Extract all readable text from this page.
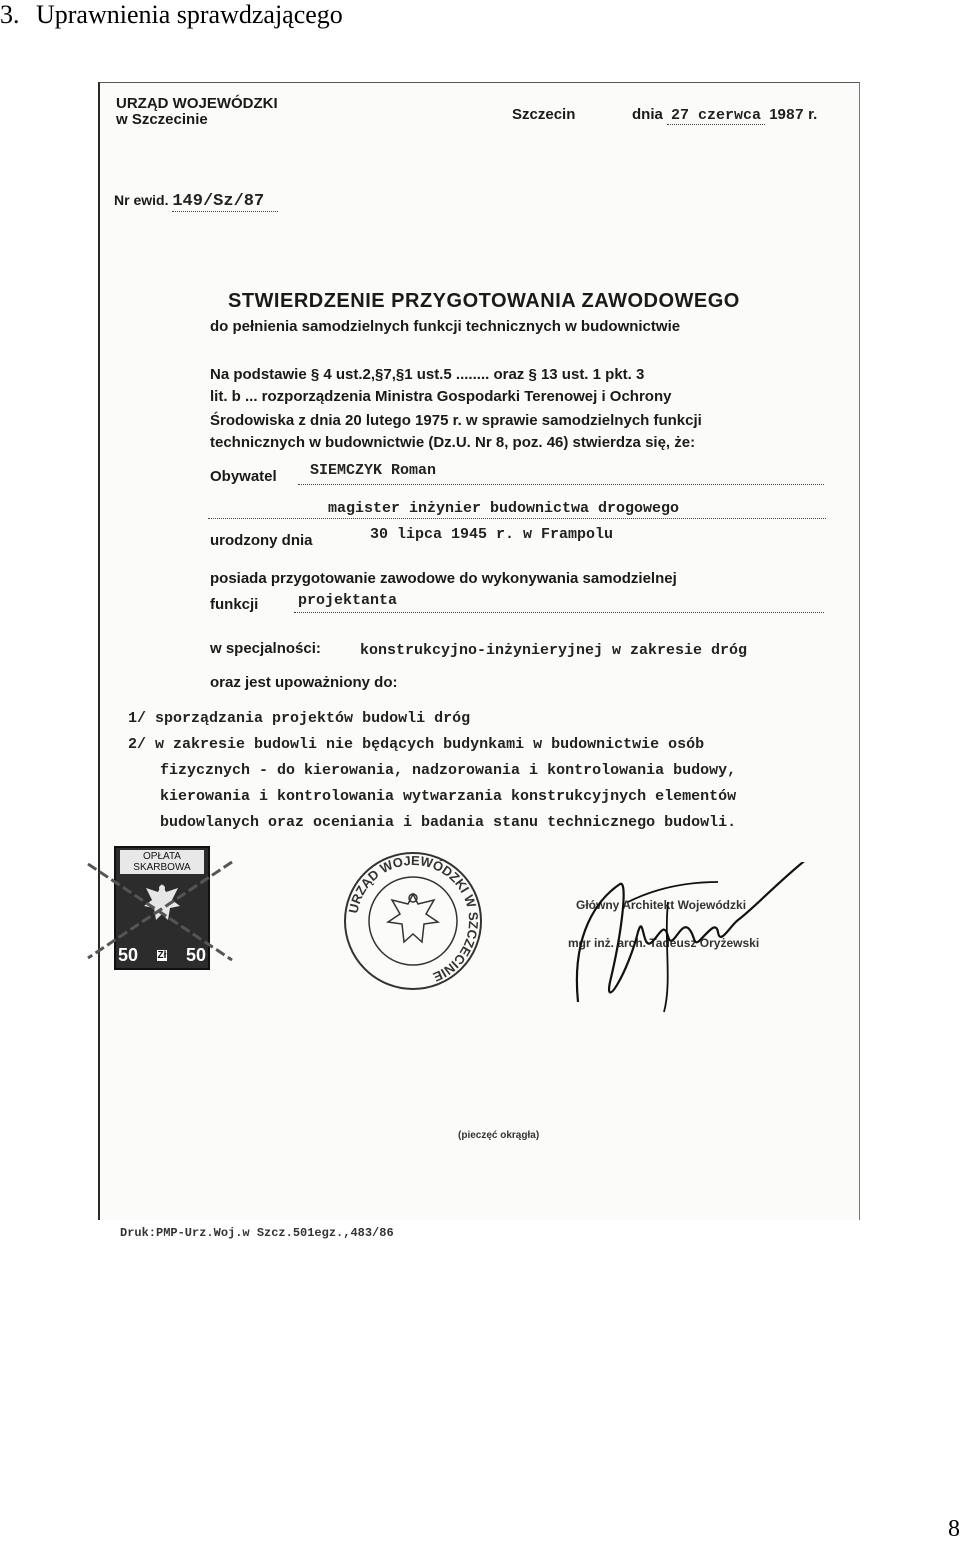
3. Uprawnienia sprawdzającego
URZĄD WOJEWÓDZKI
w Szczecinie	Szczecin	dnia 27 czerwca 1987 r.
Nr ewid. 149/Sz/87
STWIERDZENIE PRZYGOTOWANIA ZAWODOWEGO
do pełnienia samodzielnych funkcji technicznych w budownictwie
Na podstawie § 4 ust.2,§7,§1 ust.5 ........ oraz § 13 ust. 1 pkt. 3
lit. b ... rozporządzenia Ministra Gospodarki Terenowej i Ochrony
Środowiska z dnia 20 lutego 1975 r. w sprawie samodzielnych funkcji
technicznych w budownictwie (Dz.U. Nr 8, poz. 46) stwierdza się, że:
Obywatel SIEMCZYK Roman
magister inżynier budownictwa drogowego
urodzony dnia	30 lipca 1945 r. w Frampolu
posiada przygotowanie zawodowe do wykonywania samodzielnej
funkcji	projektanta
w specjalności:	konstrukcyjno-inżynieryjnej w zakresie dróg
oraz jest upoważniony do:
1/ sporządzania projektów budowli dróg
2/ w zakresie budowli nie będących budynkami w budownictwie osób
fizycznych - do kierowania, nadzorowania i kontrolowania budowy,
kierowania i kontrolowania wytwarzania konstrukcyjnych elementów
budowlanych oraz oceniania i badania stanu technicznego budowli.
OPŁATA
SKARBOWA
50 Zł 50
URZĄD WOJEWÓDZKI W SZCZECINIE
Główny Architekt Wojewódzki
mgr inż. arch. Tadeusz Oryżewski
(pieczęć okrągła)
Druk:PMP-Urz.Woj.w Szcz.501egz.,483/86
8
